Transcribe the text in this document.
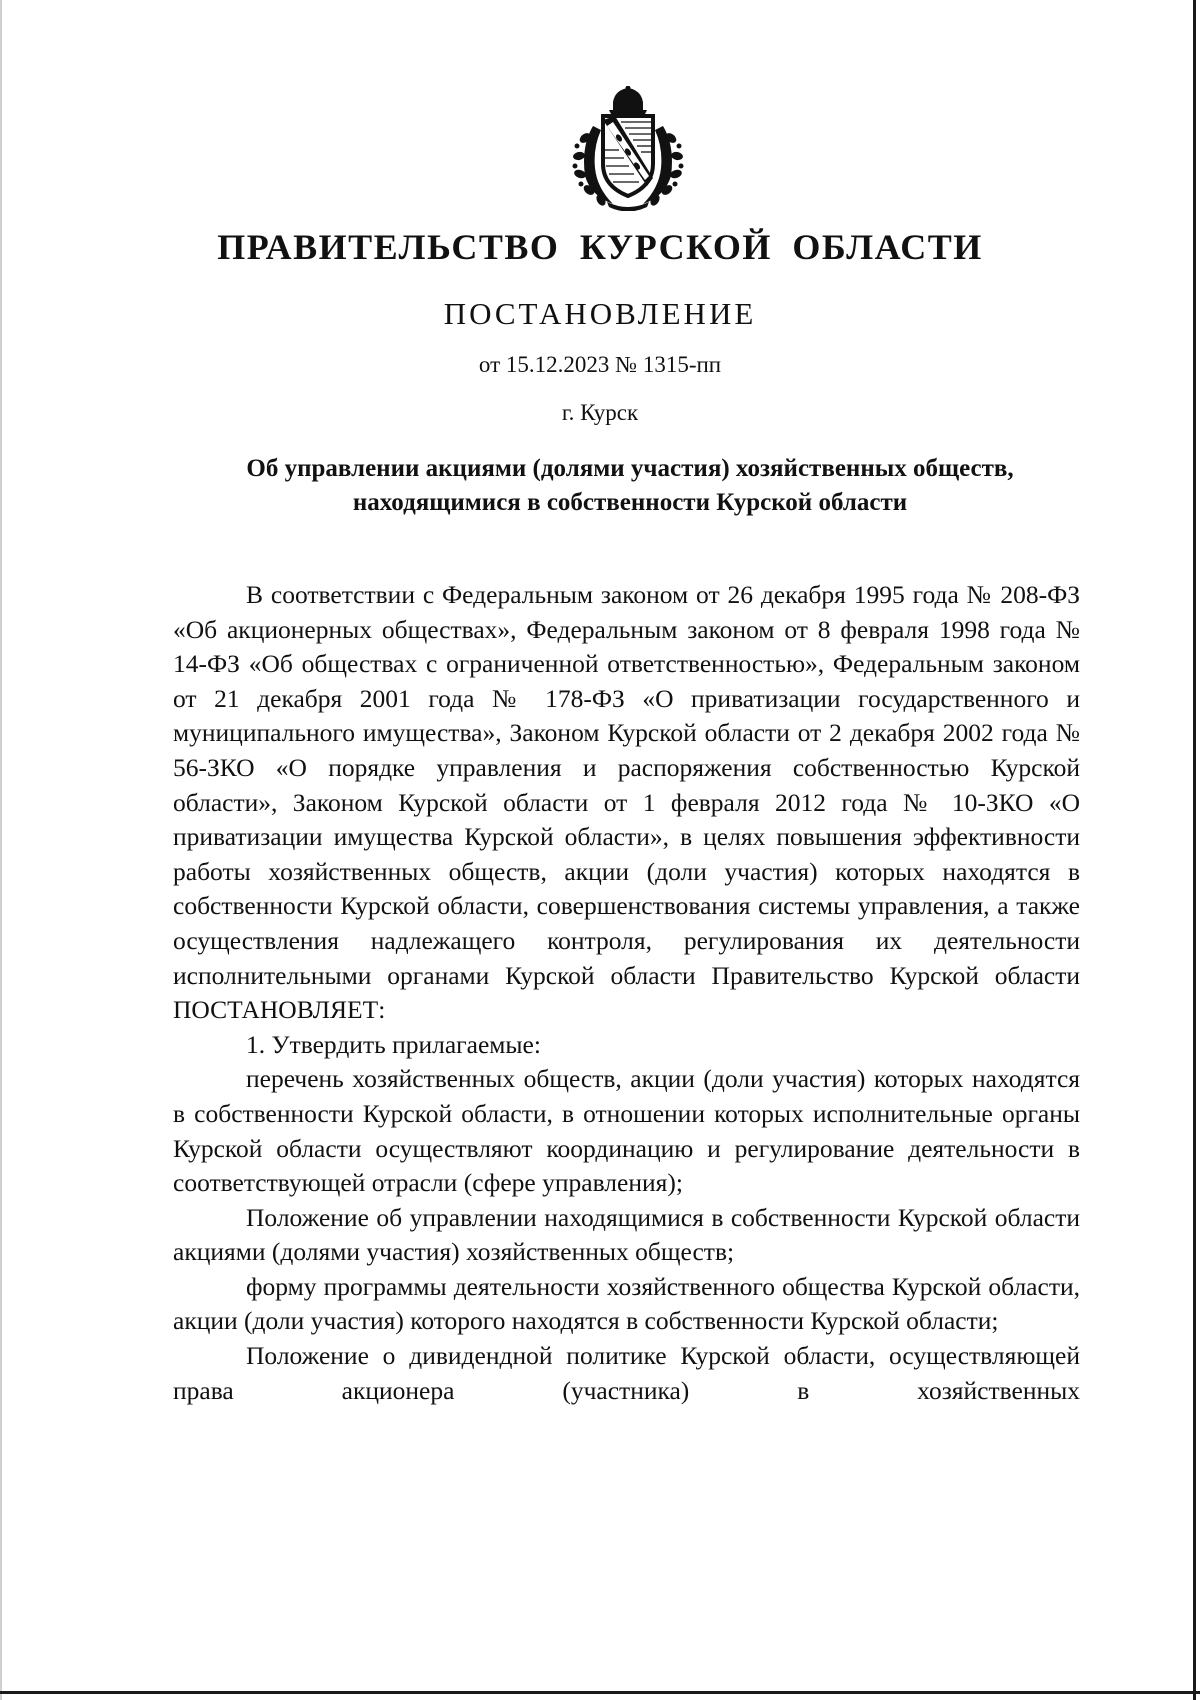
ПРАВИТЕЛЬСТВО КУРСКОЙ ОБЛАСТИ
ПОСТАНОВЛЕНИЕ
от 15.12.2023 № 1315-пп
г. Курск
Об управлении акциями (долями участия) хозяйственных обществ,
находящимися в собственности Курской области

В соответствии с Федеральным законом от 26 декабря 1995 года № 208-ФЗ «Об акционерных обществах», Федеральным законом от 8 февраля 1998 года № 14-ФЗ «Об обществах с ограниченной ответственностью», Федеральным законом от 21 декабря 2001 года № 178-ФЗ «О приватизации государственного и муниципального имущества», Законом Курской области от 2 декабря 2002 года № 56-ЗКО «О порядке управления и распоряжения собственностью Курской области», Законом Курской области от 1 февраля 2012 года № 10-ЗКО «О приватизации имущества Курской области», в целях повышения эффективности работы хозяйственных обществ, акции (доли участия) которых находятся в собственности Курской области, совершенствования системы управления, а также осуществления надлежащего контроля, регулирования их деятельности исполнительными органами Курской области Правительство Курской области ПОСТАНОВЛЯЕТ:

1. Утвердить прилагаемые:

перечень хозяйственных обществ, акции (доли участия) которых находятся в собственности Курской области, в отношении которых исполнительные органы Курской области осуществляют координацию и регулирование деятельности в соответствующей отрасли (сфере управления);

Положение об управлении находящимися в собственности Курской области акциями (долями участия) хозяйственных обществ;

форму программы деятельности хозяйственного общества Курской области, акции (доли участия) которого находятся в собственности Курской области;

Положение о дивидендной политике Курской области, осуществляющей права акционера (участника) в хозяйственных
